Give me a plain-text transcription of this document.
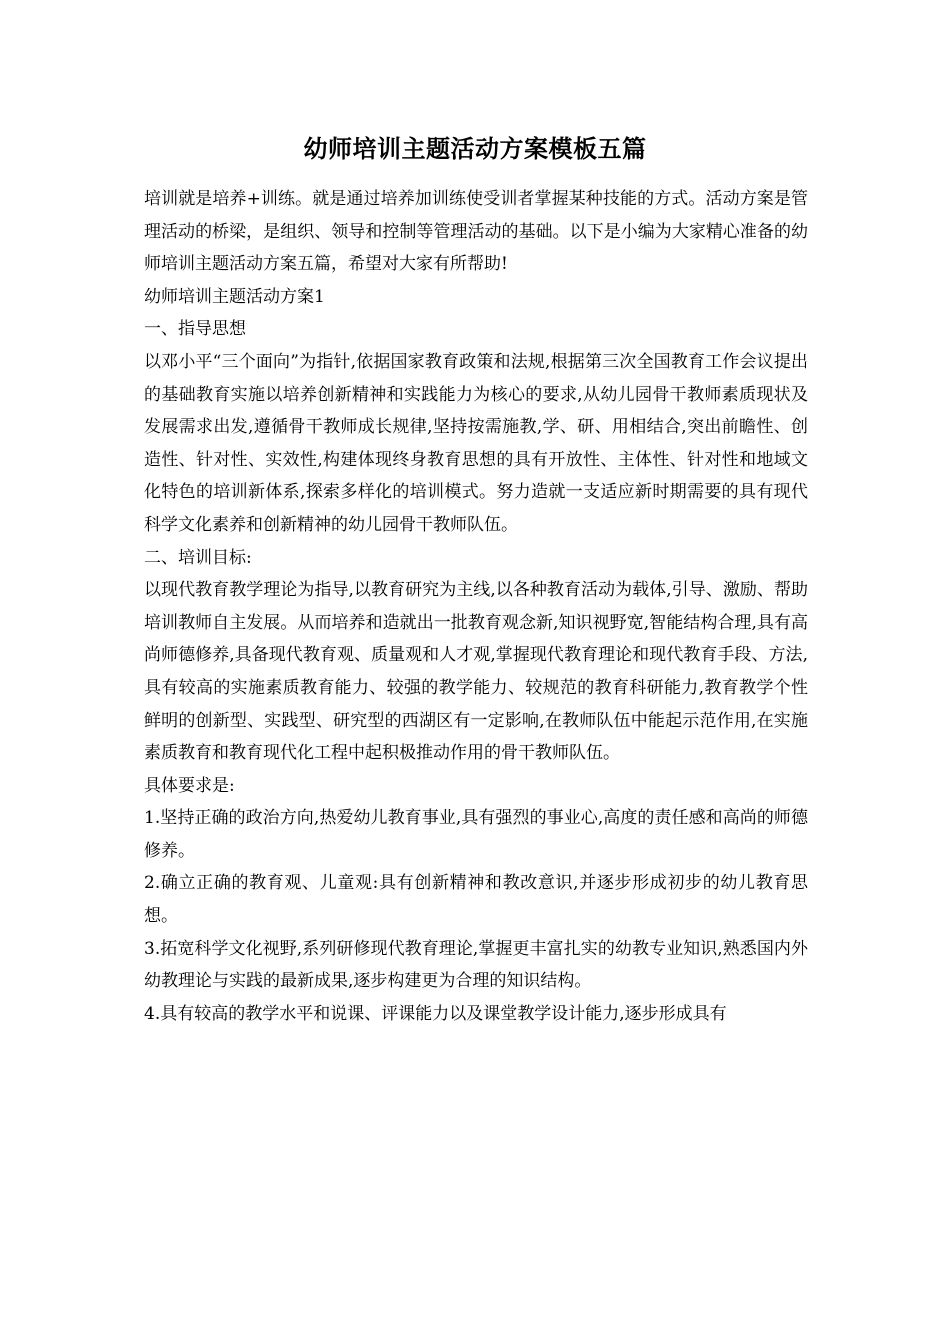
幼师培训主题活动方案模板五篇

培训就是培养+训练。就是通过培养加训练使受训者掌握某种技能的方式。活动方案是管理活动的桥梁，是组织、领导和控制等管理活动的基础。以下是小编为大家精心准备的幼师培训主题活动方案五篇，希望对大家有所帮助!

幼师培训主题活动方案1

一、指导思想

以邓小平“三个面向”为指针,依据国家教育政策和法规,根据第三次全国教育工作会议提出的基础教育实施以培养创新精神和实践能力为核心的要求,从幼儿园骨干教师素质现状及发展需求出发,遵循骨干教师成长规律,坚持按需施教,学、研、用相结合,突出前瞻性、创造性、针对性、实效性,构建体现终身教育思想的具有开放性、主体性、针对性和地域文化特色的培训新体系,探索多样化的培训模式。努力造就一支适应新时期需要的具有现代科学文化素养和创新精神的幼儿园骨干教师队伍。

二、培训目标:

以现代教育教学理论为指导,以教育研究为主线,以各种教育活动为载体,引导、激励、帮助培训教师自主发展。从而培养和造就出一批教育观念新,知识视野宽,智能结构合理,具有高尚师德修养,具备现代教育观、质量观和人才观,掌握现代教育理论和现代教育手段、方法,具有较高的实施素质教育能力、较强的教学能力、较规范的教育科研能力,教育教学个性鲜明的创新型、实践型、研究型的西湖区有一定影响,在教师队伍中能起示范作用,在实施素质教育和教育现代化工程中起积极推动作用的骨干教师队伍。

具体要求是:

1.坚持正确的政治方向,热爱幼儿教育事业,具有强烈的事业心,高度的责任感和高尚的师德修养。

2.确立正确的教育观、儿童观:具有创新精神和教改意识,并逐步形成初步的幼儿教育思想。

3.拓宽科学文化视野,系列研修现代教育理论,掌握更丰富扎实的幼教专业知识,熟悉国内外幼教理论与实践的最新成果,逐步构建更为合理的知识结构。

4.具有较高的教学水平和说课、评课能力以及课堂教学设计能力,逐步形成具有
